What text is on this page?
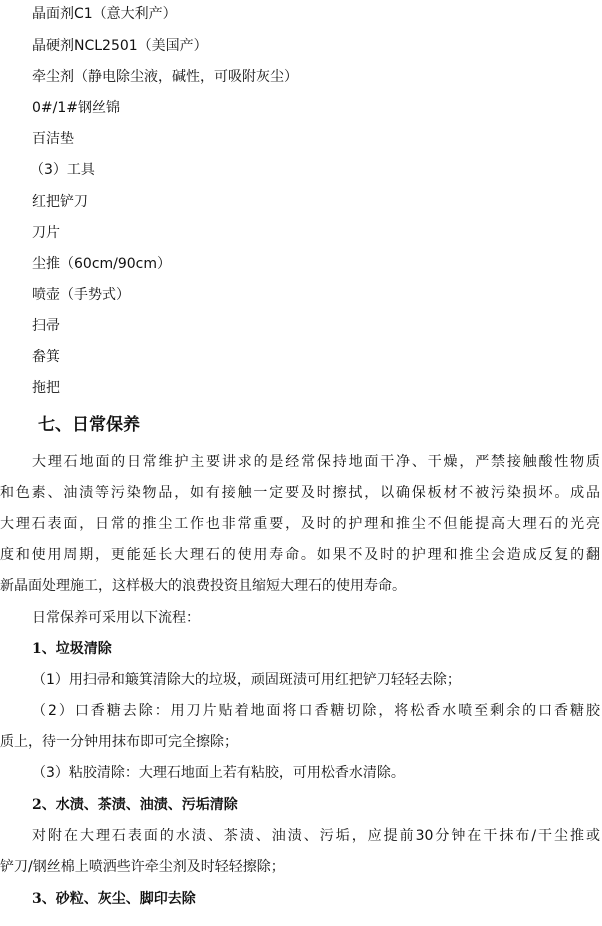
晶面剂C1（意大利产）
晶硬剂NCL2501（美国产）
牵尘剂（静电除尘液，碱性，可吸附灰尘）
0#/1#钢丝锦
百洁垫
（3）工具
红把铲刀
刀片
尘推（60cm/90cm）
喷壶（手势式）
扫帚
畚箕
拖把
七、日常保养
大理石地面的日常维护主要讲求的是经常保持地面干净、干燥，严禁接触酸性物质
和色素、油渍等污染物品，如有接触一定要及时擦拭，以确保板材不被污染损坏。成品
大理石表面，日常的推尘工作也非常重要，及时的护理和推尘不但能提高大理石的光亮
度和使用周期，更能延长大理石的使用寿命。如果不及时的护理和推尘会造成反复的翻
新晶面处理施工，这样极大的浪费投资且缩短大理石的使用寿命。
日常保养可采用以下流程：
1、垃圾清除
（1）用扫帚和簸箕清除大的垃圾，顽固斑渍可用红把铲刀轻轻去除；
（2）口香糖去除：用刀片贴着地面将口香糖切除，将松香水喷至剩余的口香糖胶
质上，待一分钟用抹布即可完全擦除；
（3）粘胶清除：大理石地面上若有粘胶，可用松香水清除。
2、水渍、茶渍、油渍、污垢清除
对附在大理石表面的水渍、茶渍、油渍、污垢，应提前30分钟在干抹布/干尘推或
铲刀/钢丝棉上喷洒些许牵尘剂及时轻轻擦除；
3、砂粒、灰尘、脚印去除
